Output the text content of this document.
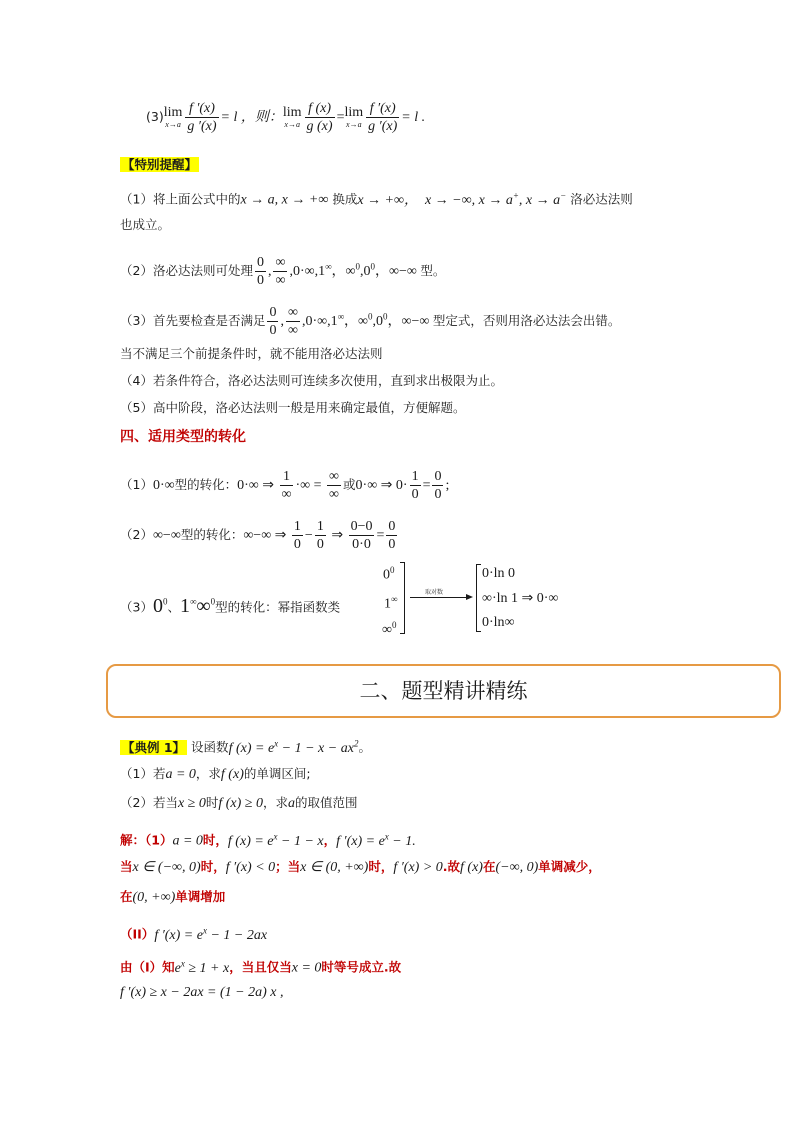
(3) lim
$x\to a \frac{f '(x)}{g '(x)} = l$ ，则： lim
$x\to a \frac{f (x)}{g (x)} = \lim$
$x\to a \frac{f '(x)}{g '(x)} = l$ .
【特别提醒】
（1）将上面公式中的x → a, x → +∞ 换成x → +∞，  x → −∞, x → a+, x → a− 洛必达法则
也成立。
（2）洛必达法则可处理 $\frac{0}{0}$ , $\frac{\infty}{\infty} ,0\cdot\infty,1^\infty$，$\infty^0,0^0$，∞−∞ 型。
（3）首先要检查是否满足 $\frac{0}{0}$ , $\frac{\infty}{\infty} ,0\cdot\infty,1^\infty$，$\infty^0,0^0$，∞−∞ 型定式，否则用洛必达法会出错。
当不满足三个前提条件时，就不能用洛必达法则
（4）若条件符合，洛必达法则可连续多次使用，直到求出极限为止。
（5）高中阶段，洛必达法则一般是用来确定最值，方便解题。
四、适用类型的转化
（1）0·∞型的转化：0·∞ ⇒ $\frac{1}{\infty}$ ·∞ = $\frac{\infty}{\infty}$ 或0·∞ ⇒ $0\cdot \frac{1}{0} = \frac{0}{0}$ ;
（2）∞−∞型的转化：∞−∞ ⇒ $\frac{1}{0} - \frac{1}{0}$ ⇒ $\frac{0-0}{0\cdot 0} = \frac{0}{0}$
$(3)0^0$、1∞∞$^0$型的转化：幂指函数类
$0^0$
1∞
∞$^0$
取对数
0·ln 0
∞·ln 1 ⇒ 0·∞
0·ln∞
二、题型精讲精练
【典例 1】 设函数f $(x) = e^x - 1 - x - ax^2$。
（1）若a = 0，求f (x)的单调区间;
（2）若当x ≥ 0时f (x) ≥ 0，求a的取值范围
解：（1）a = 0时，f $(x) = e^x - 1 - x$，f $'(x) = e^x - 1$.
当x ∈ (−∞, 0)时，f ′(x) < 0；当x ∈ (0, +∞)时，f ′(x) > 0.故f (x)在(−∞, 0)单调减少，
在(0, +∞)单调增加
（II）f $'(x) = e^x - 1 - 2ax$
由（I）知$e^x \ge 1 + x$，当且仅当x = 0时等号成立.故
f ′(x) ≥ x − 2ax = (1 − 2a) x ,
